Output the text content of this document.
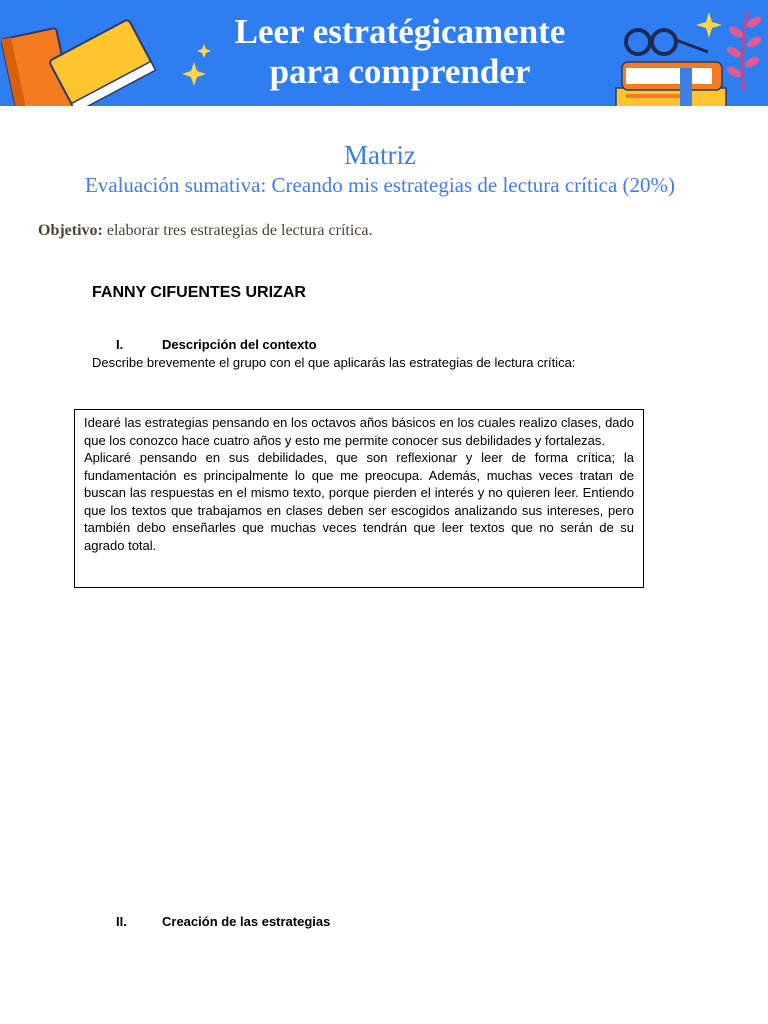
Leer estratégicamente
para comprender
Matriz
Evaluación sumativa: Creando mis estrategias de lectura crítica (20%)
Objetivo: elaborar tres estrategias de lectura crítica.
FANNY CIFUENTES URIZAR
I.	Descripción del contexto
Describe brevemente el grupo con el que aplicarás las estrategias de lectura crítica:

Idearé las estrategias pensando en los octavos años básicos en los cuales realizo clases, dado que los conozco hace cuatro años y esto me permite conocer sus debilidades y fortalezas.

Aplicaré pensando en sus debilidades, que son reflexionar y leer de forma crítica; la fundamentación es principalmente lo que me preocupa. Además, muchas veces tratan de buscan las respuestas en el mismo texto, porque pierden el interés y no quieren leer. Entiendo que los textos que trabajamos en clases deben ser escogidos analizando sus intereses, pero también debo enseñarles que muchas veces tendrán que leer textos que no serán de su agrado total.

II.	Creación de las estrategias
